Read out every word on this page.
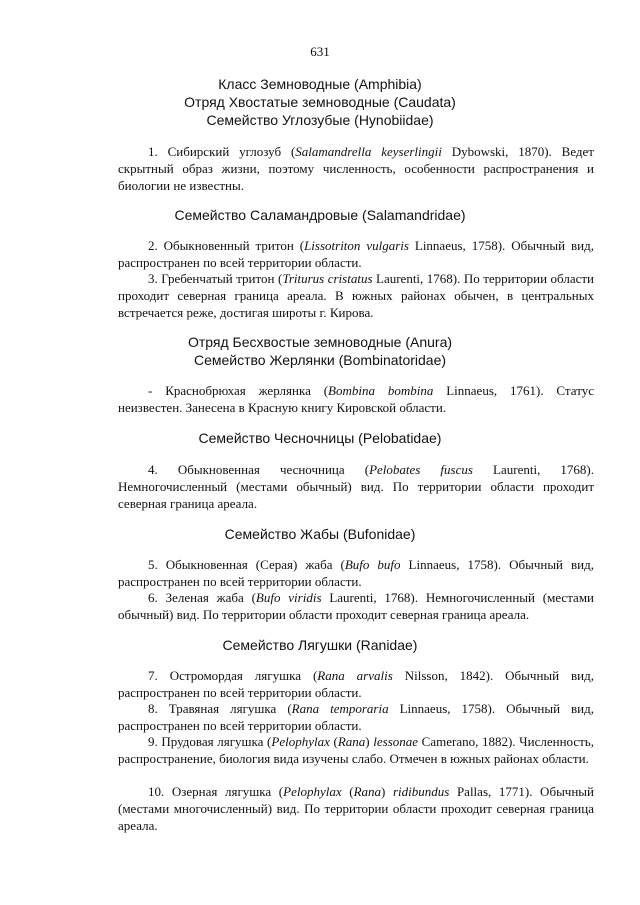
631
Класс Земноводные (Amphibia)
Отряд Хвостатые земноводные (Caudata)
Семейство Углозубые (Hynobiidae)
1. Сибирский углозуб (Salamandrella keyserlingii Dybowski, 1870). Ведет скрытный образ жизни, поэтому численность, особенности распространения и биологии не известны.
Семейство Саламандровые (Salamandridae)
2. Обыкновенный тритон (Lissotriton vulgaris Linnaeus, 1758). Обычный вид, распространен по всей территории области.
3. Гребенчатый тритон (Triturus cristatus Laurenti, 1768). По территории области проходит северная граница ареала. В южных районах обычен, в центральных встречается реже, достигая широты г. Кирова.
Отряд Бесхвостые земноводные (Anura)
Семейство Жерлянки (Bombinatoridae)
- Краснобрюхая жерлянка (Bombina bombina Linnaeus, 1761). Статус неизвестен. Занесена в Красную книгу Кировской области.
Семейство Чесночницы (Pelobatidae)
4. Обыкновенная чесночница (Pelobates fuscus Laurenti, 1768). Немногочисленный (местами обычный) вид. По территории области проходит северная граница ареала.
Семейство Жабы (Bufonidae)
5. Обыкновенная (Серая) жаба (Bufo bufo Linnaeus, 1758). Обычный вид, распространен по всей территории области.
6. Зеленая жаба (Bufo viridis Laurenti, 1768). Немногочисленный (местами обычный) вид. По территории области проходит северная граница ареала.
Семейство Лягушки (Ranidae)
7. Остромордая лягушка (Rana arvalis Nilsson, 1842). Обычный вид, распространен по всей территории области.
8. Травяная лягушка (Rana temporaria Linnaeus, 1758). Обычный вид, распространен по всей территории области.
9. Прудовая лягушка (Pelophylax (Rana) lessonae Camerano, 1882). Численность, распространение, биология вида изучены слабо. Отмечен в южных районах области.
10. Озерная лягушка (Pelophylax (Rana) ridibundus Pallas, 1771). Обычный (местами многочисленный) вид. По территории области проходит северная граница ареала.
